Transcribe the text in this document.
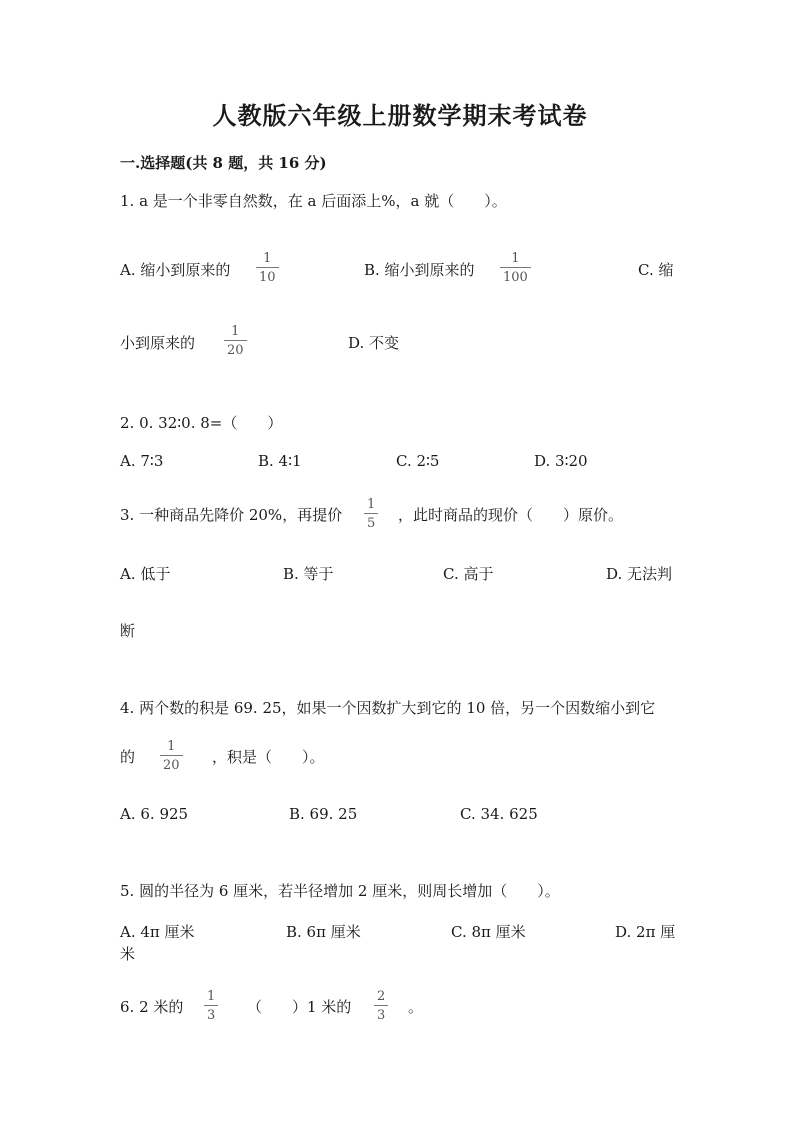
人教版六年级上册数学期末考试卷
一.选择题(共 8 题，共 16 分)
1. a 是一个非零自然数，在 a 后面添上%，a 就（　　）。
A. 缩小到原来的
1
10	B. 缩小到原来的
1
100	C. 缩
小到原来的
1
20	D. 不变
2. 0. 32∶0. 8=（　　）
A. 7∶3	B. 4∶1	C. 2∶5	D. 3∶20
3. 一种商品先降价 20%，再提价
1
5 ，此时商品的现价（　　）原价。
A. 低于	B. 等于	C. 高于	D. 无法判
断
4. 两个数的积是 69. 25，如果一个因数扩大到它的 10 倍，另一个因数缩小到它
的
1
20 ，积是（　　）。
A. 6. 925	B. 69. 25	C. 34. 625
5. 圆的半径为 6 厘米，若半径增加 2 厘米，则周长增加（　　）。
A. 4π 厘米	B. 6π 厘米	C. 8π 厘米	D. 2π 厘
米
6. 2 米的
1
3 （　　）1 米的
2
3 。
